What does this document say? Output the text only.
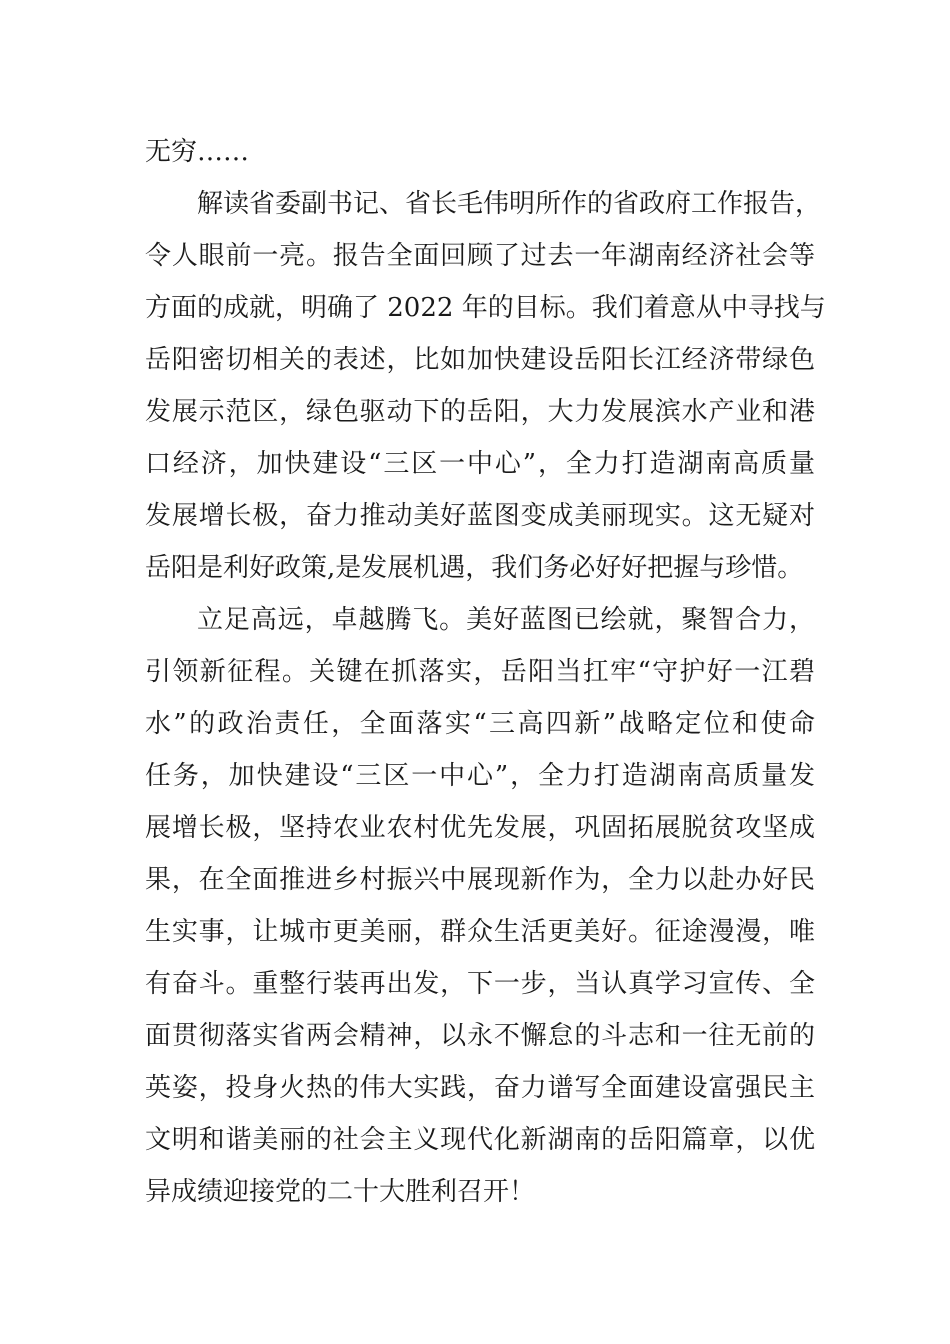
无穷……
解读省委副书记、省长毛伟明所作的省政府工作报告，
令人眼前一亮。报告全面回顾了过去一年湖南经济社会等
方面的成就，明确了 2022 年的目标。我们着意从中寻找与
岳阳密切相关的表述，比如加快建设岳阳长江经济带绿色
发展示范区，绿色驱动下的岳阳，大力发展滨水产业和港
口经济，加快建设“三区一中心”，全力打造湖南高质量
发展增长极，奋力推动美好蓝图变成美丽现实。这无疑对
岳阳是利好政策,是发展机遇，我们务必好好把握与珍惜。
立足高远，卓越腾飞。美好蓝图已绘就，聚智合力，
引领新征程。关键在抓落实，岳阳当扛牢“守护好一江碧
水”的政治责任，全面落实“三高四新”战略定位和使命
任务，加快建设“三区一中心”，全力打造湖南高质量发
展增长极，坚持农业农村优先发展，巩固拓展脱贫攻坚成
果，在全面推进乡村振兴中展现新作为，全力以赴办好民
生实事，让城市更美丽，群众生活更美好。征途漫漫，唯
有奋斗。重整行装再出发，下一步，当认真学习宣传、全
面贯彻落实省两会精神，以永不懈怠的斗志和一往无前的
英姿，投身火热的伟大实践，奋力谱写全面建设富强民主
文明和谐美丽的社会主义现代化新湖南的岳阳篇章，以优
异成绩迎接党的二十大胜利召开！
